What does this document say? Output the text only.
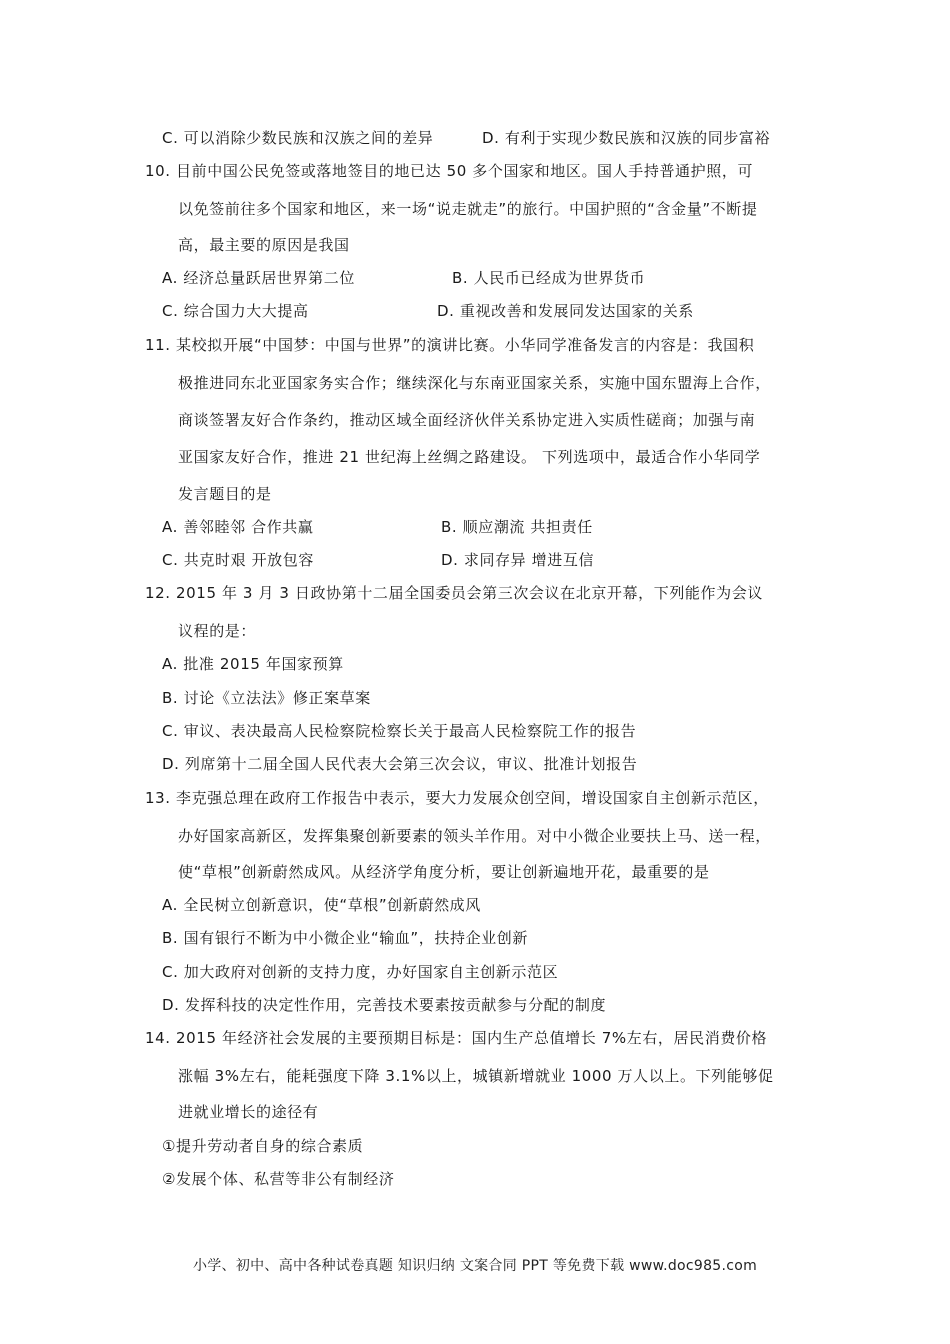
C. 可以消除少数民族和汉族之间的差异	D. 有利于实现少数民族和汉族的同步富裕
10. 目前中国公民免签或落地签目的地已达 50 多个国家和地区。国人手持普通护照，可
以免签前往多个国家和地区，来一场“说走就走”的旅行。中国护照的“含金量”不断提
高，最主要的原因是我国
A. 经济总量跃居世界第二位	B. 人民币已经成为世界货币
C. 综合国力大大提高	D. 重视改善和发展同发达国家的关系
11. 某校拟开展“中国梦：中国与世界”的演讲比赛。小华同学准备发言的内容是：我国积
极推进同东北亚国家务实合作；继续深化与东南亚国家关系，实施中国东盟海上合作，
商谈签署友好合作条约，推动区域全面经济伙伴关系协定进入实质性磋商；加强与南
亚国家友好合作，推进 21 世纪海上丝绸之路建设。 下列选项中，最适合作小华同学
发言题目的是
A. 善邻睦邻 合作共赢	B. 顺应潮流 共担责任
C. 共克时艰 开放包容	D. 求同存异 增进互信
12. 2015 年 3 月 3 日政协第十二届全国委员会第三次会议在北京开幕，下列能作为会议
议程的是：
A. 批准 2015 年国家预算
B. 讨论《立法法》修正案草案
C. 审议、表决最高人民检察院检察长关于最高人民检察院工作的报告
D. 列席第十二届全国人民代表大会第三次会议，审议、批准计划报告
13. 李克强总理在政府工作报告中表示，要大力发展众创空间，增设国家自主创新示范区，
办好国家高新区，发挥集聚创新要素的领头羊作用。对中小微企业要扶上马、送一程，
使“草根”创新蔚然成风。从经济学角度分析，要让创新遍地开花，最重要的是
A. 全民树立创新意识，使“草根”创新蔚然成风
B. 国有银行不断为中小微企业“输血”，扶持企业创新
C. 加大政府对创新的支持力度，办好国家自主创新示范区
D. 发挥科技的决定性作用，完善技术要素按贡献参与分配的制度
14. 2015 年经济社会发展的主要预期目标是：国内生产总值增长 7%左右，居民消费价格
涨幅 3%左右，能耗强度下降 3.1%以上，城镇新增就业 1000 万人以上。下列能够促
进就业增长的途径有
①提升劳动者自身的综合素质
②发展个体、私营等非公有制经济
小学、初中、高中各种试卷真题 知识归纳 文案合同 PPT 等免费下载 www.doc985.com
